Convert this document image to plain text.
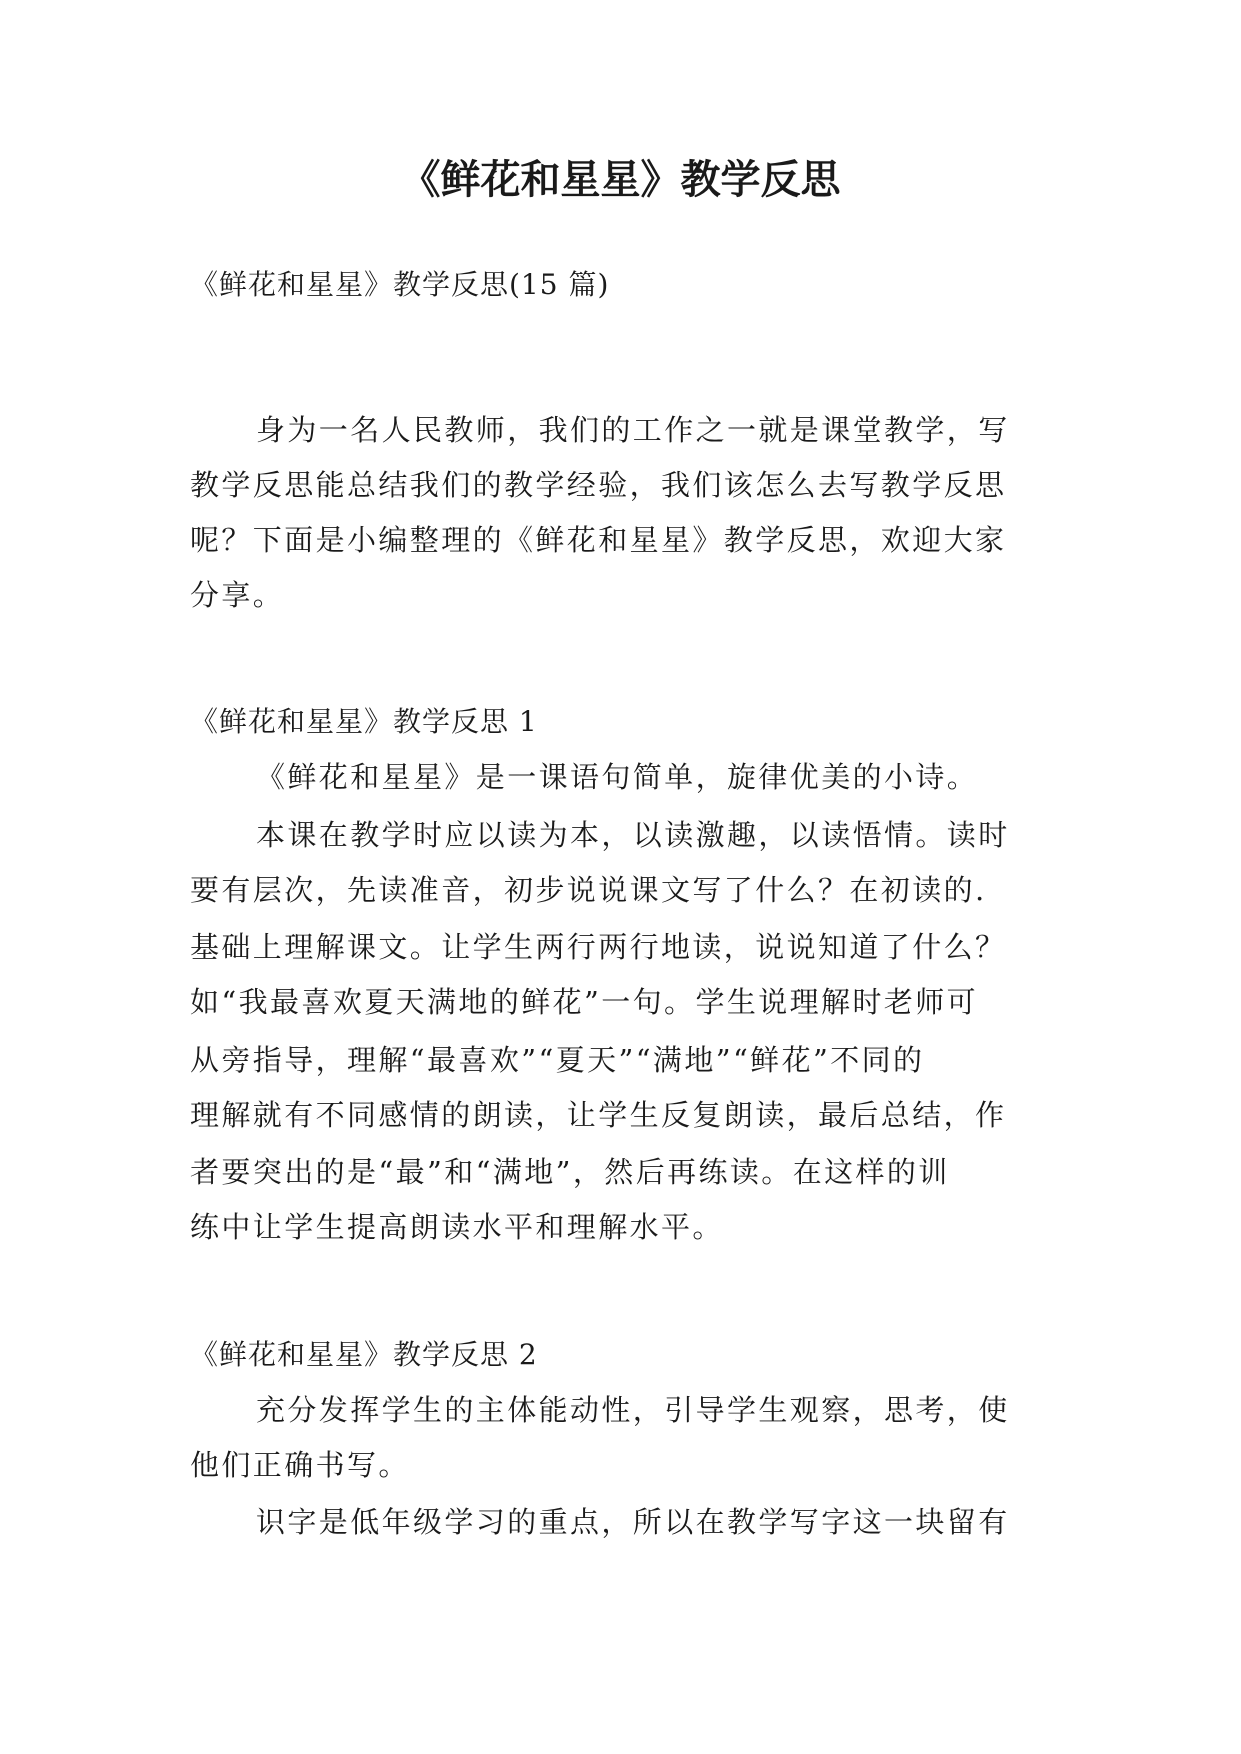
《鲜花和星星》教学反思
《鲜花和星星》教学反思(15 篇)
身为一名人民教师，我们的工作之一就是课堂教学，写
教学反思能总结我们的教学经验，我们该怎么去写教学反思
呢？下面是小编整理的《鲜花和星星》教学反思，欢迎大家
分享。
《鲜花和星星》教学反思 1
《鲜花和星星》是一课语句简单，旋律优美的小诗。
本课在教学时应以读为本，以读激趣，以读悟情。读时
要有层次，先读准音，初步说说课文写了什么？在初读的.
基础上理解课文。让学生两行两行地读，说说知道了什么？
如“我最喜欢夏天满地的鲜花”一句。学生说理解时老师可
从旁指导，理解“最喜欢”“夏天”“满地”“鲜花”不同的
理解就有不同感情的朗读，让学生反复朗读，最后总结，作
者要突出的是“最”和“满地”，然后再练读。在这样的训
练中让学生提高朗读水平和理解水平。
《鲜花和星星》教学反思 2
充分发挥学生的主体能动性，引导学生观察，思考，使
他们正确书写。
识字是低年级学习的重点，所以在教学写字这一块留有
